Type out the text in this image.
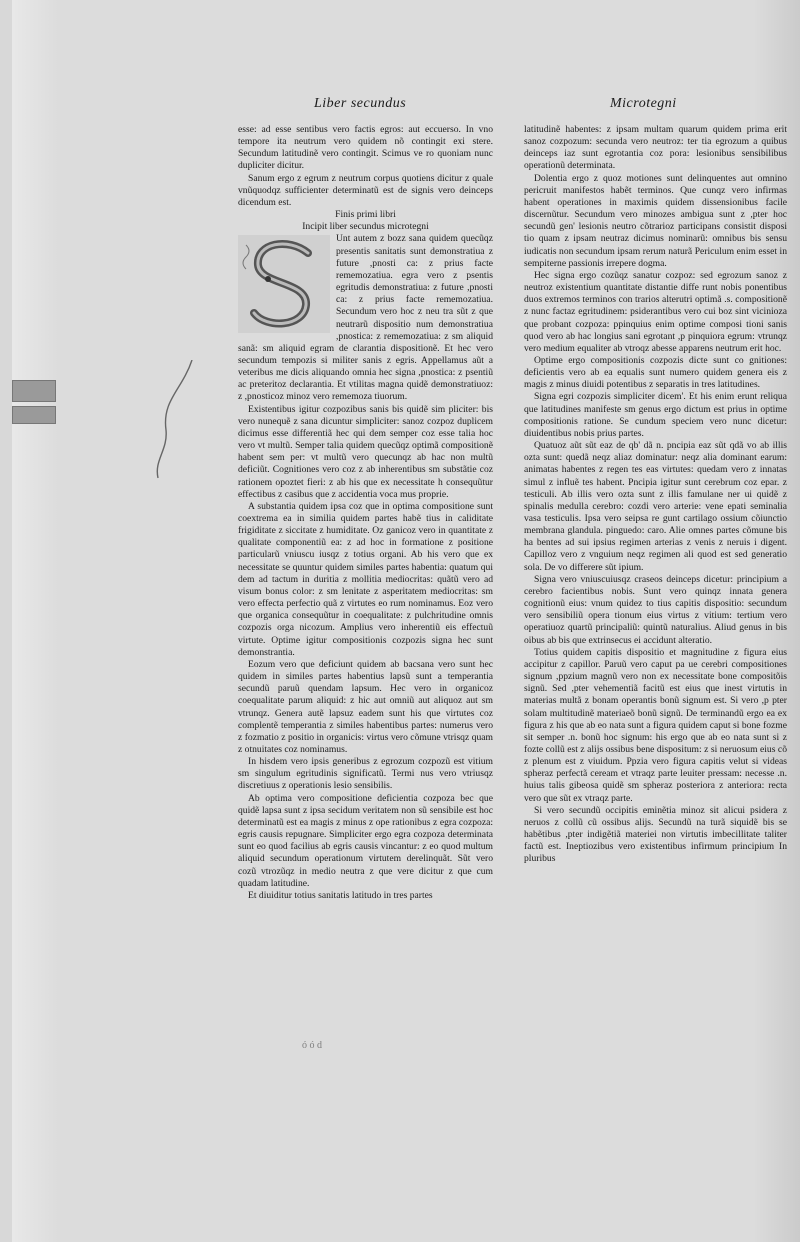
Liber secundus	Microtegni

esse: ad esse sentibus vero factis egros: aut eccuerso. In vno tempore ita neutrum vero quidem nõ contingit exi stere. Secundum latitudinẽ vero contingit. Scimus ve ro quoniam nunc dupliciter dicitur.

Sanum ergo z egrum z neutrum corpus quotiens dicitur z quale vnũquodqz sufficienter determinatũ est de signis vero deinceps dicendum est.

Finis primi libri

Incipit liber secundus microtegni

Unt autem z bozz sana quidem quecũqz presentis sanitatis sunt demonstratiua z future ,pnosti ca: z prius facte rememozatiua. egra vero z psentis egritudis demonstratiua: z future ,pnosti ca: z prius facte rememozatiua. Secundum vero hoc z neu tra sũt z que neutrarũ dispositio num demonstratiua ,pnostica: z rememozatiua: z sm aliquid sanã: sm aliquid egram de clarantia dispositionẽ. Et hec vero secundum tempozis si militer sanis z egris. Appellamus aũt a veteribus me dicis aliquando omnia hec signa ,pnostica: z psentiũ ac preteritoz declarantia. Et vtilitas magna quidẽ demonstratiuoz: z ,pnosticoz minoz vero rememoza tiuorum.

Existentibus igitur cozpozibus sanis bis quidẽ sim pliciter: bis vero nunequẽ z sana dicuntur simpliciter: sanoz cozpoz duplicem dicimus esse differentiã hec qui dem semper coz esse talia hoc vero vt multũ. Semper talia quidem quecũqz optimã compositionẽ habent sem per: vt multũ vero quecunqz ab hac non multũ deficiũt. Cognitiones vero coz z ab inherentibus sm substãtie coz rationem opoztet fieri: z ab his que ex necessitate h consequũtur effectibus z casibus que z accidentia voca mus proprie.

A substantia quidem ipsa coz que in optima compositione sunt coextrema ea in similia quidem partes habẽ tius in caliditate frigiditate z siccitate z humiditate. Oz ganicoz vero in quantitate z qualitate componentiũ ea: z ad hoc in formatione z positione particularũ vniuscu iusqz z totius organi. Ab his vero que ex necessitate se quuntur quidem similes partes habentia: quatum qui dem ad tactum in duritia z mollitia mediocritas: quãtũ vero ad visum bonus color: z sm lenitate z asperitatem mediocritas: sm vero effecta perfectio quã z virtutes eo rum nominamus. Eoz vero que organica consequũtur in coequalitate: z pulchritudine omnis cozpozis orga nicozum. Amplius vero inherentiũ eis effectuũ virtute. Optime igitur compositionis cozpozis signa hec sunt demonstrantia.

Eozum vero que deficiunt quidem ab bacsana vero sunt hec quidem in similes partes habentius lapsũ sunt a temperantia secundũ paruũ quendam lapsum. Hec vero in organicoz coequalitate parum aliquid: z hic aut omniũ aut aliquoz aut sm vtrunqz. Genera autẽ lapsuz eadem sunt his que virtutes coz complentẽ temperantia z similes habentibus partes: numerus vero z fozmatio z positio in organicis: virtus vero cõmune vtrisqz quam z otnuitates coz nominamus.

In hisdem vero ipsis generibus z egrozum cozpozũ est vitium sm singulum egritudinis significatũ. Termi nus vero vtriusqz discretiuus z operationis lesio sensibilis.

Ab optima vero compositione deficientia cozpoza bec que quidẽ lapsa sunt z ipsa secidum veritatem non sũ sensibile est hoc determinatũ est ea magis z minus z ope rationibus z egra cozpoza: egris causis repugnare. Simpliciter ergo egra cozpoza determinata sunt eo quod facilius ab egris causis vincantur: z eo quod multum aliquid secundum operationum virtutem derelinquãt. Sũt vero cozũ vtrozũqz in medio neutra z que vere dicitur z que cum quadam latitudine.

Et diuiditur totius sanitatis latitudo in tres partes

latitudinẽ habentes: z ipsam multam quarum quidem prima erit sanoz cozpozum: secunda vero neutroz: ter tia egrozum a quibus deinceps iaz sunt egrotantia coz pora: lesionibus sensibilibus operationũ determinata.

Dolentia ergo z quoz motiones sunt delinquentes aut omnino pericruit manifestos habẽt terminos. Que cunqz vero infirmas habent operationes in maximis quidem dissensionibus facile discernũtur. Secundum vero minozes ambigua sunt z ,pter hoc secundũ gen' lesionis neutro cõtrarioz participans consistit disposi tio quam z ipsam neutraz dicimus nominarũ: omnibus bis sensu iudicatis non secundum ipsam rerum naturã Periculum enim esset in sempiterne passionis irrepere dogma.

Hec signa ergo cozũqz sanatur cozpoz: sed egrozum sanoz z neutroz existentium quantitate distantie diffe runt nobis ponentibus duos extremos terminos con trarios alterutri optimã .s. compositionẽ z nunc factaz egritudinem: psiderantibus vero cui boz sint vicinioza que probant cozpoza: ppinquius enim optime composi tioni sanis quod vero ab hac longius sani egrotant ,p pinquiora egrum: vtrunqz vero medium equaliter ab vtroqz abesse apparens neutrum erit hoc.

Optime ergo compositionis cozpozis dicte sunt co gnitiones: deficientis vero ab ea equalis sunt numero quidem genera eis z magis z minus diuidi potentibus z separatis in tres latitudines.

Signa egri cozpozis simpliciter dicem'. Et his enim erunt reliqua que latitudines manifeste sm genus ergo dictum est prius in optime compositionis ratione. Se cundum speciem vero nunc dicetur: diuidentibus nobis prius partes.

Quatuoz aũt sũt eaz de qb' dã n. pncipia eaz sũt qdã vo ab illis ozta sunt: quedã neqz aliaz dominatur: neqz alia dominant earum: animatas habentes z regen tes eas virtutes: quedam vero z innatas simul z influẽ tes habent. Pncipia igitur sunt cerebrum coz epar. z testiculi. Ab illis vero ozta sunt z illis famulane ner ui quidẽ z spinalis medulla cerebro: cozdi vero arterie: vene epati seminalia vasa testiculis. Ipsa vero seipsa re gunt cartilago ossium cõiunctio membrana glandula. pinguedo: caro. Alie omnes partes cõmune bis ha bentes ad sui ipsius regimen arterias z venis z neruis i digent. Capilloz vero z vnguium neqz regimen ali quod est sed generatio sola. De vo differere sũt ipium.

Signa vero vniuscuiusqz craseos deinceps dicetur: principium a cerebro facientibus nobis. Sunt vero quinqz innata genera cognitionũ eius: vnum quidez to tius capitis dispositio: secundum vero sensibiliũ opera tionum eius virtus z vitium: tertium vero operatiuoz quartũ principaliũ: quintũ naturalius. Aliud genus in bis oibus ab bis que extrinsecus ei accidunt alteratio.

Totius quidem capitis dispositio et magnitudine z figura eius accipitur z capillor. Paruũ vero caput pa ue cerebri compositiones signum ,ppzium magnũ vero non ex necessitate bone compositõis signũ. Sed ,pter vehementiã facitũ est eius que inest virtutis in materias multã z bonam operantis bonũ signum est. Si vero ,p pter solam multitudinẽ materiaeõ bonũ signũ. De terminandũ ergo ea ex figura z his que ab eo nata sunt a figura quidem caput si bone fozme sit semper .n. bonũ hoc signum: his ergo que ab eo nata sunt si z fozte collũ est z alijs ossibus bene dispositum: z si neruosum eius cõ z plenum est z viuidum. Ppzia vero figura capitis velut si videas spheraz perfectã ceream et vtraqz parte leuiter pressam: necesse .n. huius talis gibeosa quidẽ sm spheraz posteriora z anteriora: recta vero que sũt ex vtraqz parte.

Si vero secundũ occipitis eminẽtia minoz sit alicui psidera z neruos z collũ cũ ossibus alijs. Secundũ na turã siquidẽ bis se habẽtibus ,pter indigẽtiã materiei non virtutis imbecillitate taliter factũ est. Ineptiozibus vero existentibus infirmum principium In pluribus

ó ó d
